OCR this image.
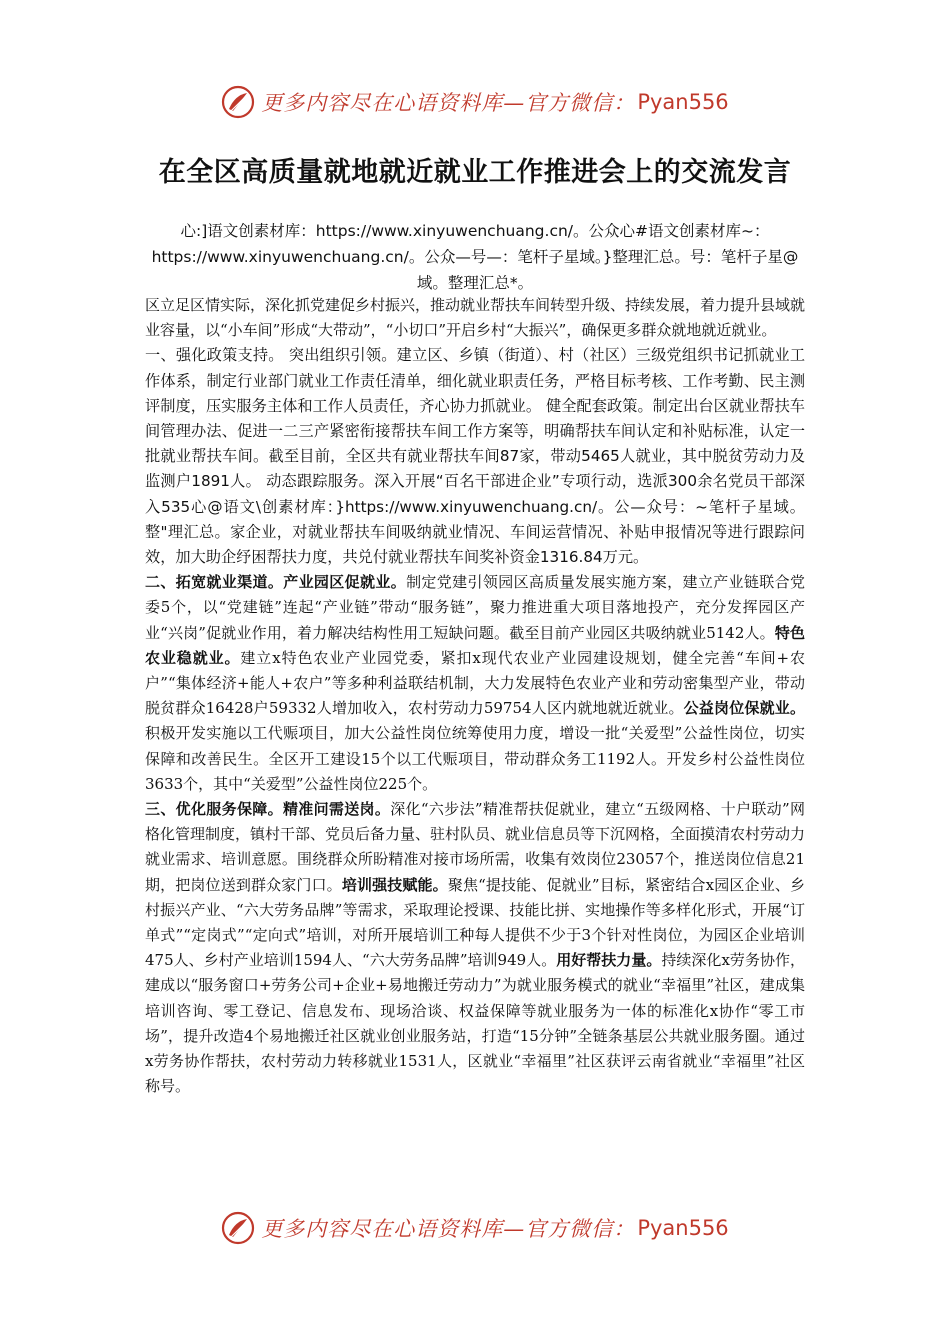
更多内容尽在心语资料库—官方微信： Pyan556
在全区高质量就地就近就业工作推进会上的交流发言
心:]语文创素材库：https://www.xinyuwenchuang.cn/。公众心#语文创素材库~：https://www.xinyuwenchuang.cn/。公众—号—：笔杆子星域。}整理汇总。号：笔杆子星@域。整理汇总*。

区立足区情实际，深化抓党建促乡村振兴，推动就业帮扶车间转型升级、持续发展，着力提升县域就业容量，以“小车间”形成“大带动”，“小切口”开启乡村“大振兴”，确保更多群众就地就近就业。

一、强化政策支持。 突出组织引领。建立区、乡镇（街道）、村（社区）三级党组织书记抓就业工作体系，制定行业部门就业工作责任清单，细化就业职责任务，严格目标考核、工作考勤、民主测评制度，压实服务主体和工作人员责任，齐心协力抓就业。 健全配套政策。制定出台区就业帮扶车间管理办法、促进一二三产紧密衔接帮扶车间工作方案等，明确帮扶车间认定和补贴标准，认定一批就业帮扶车间。截至目前，全区共有就业帮扶车间87家，带动5465人就业，其中脱贫劳动力及监测户1891人。 动态跟踪服务。深入开展“百名干部进企业”专项行动，选派300余名党员干部深入535心@语文\创素材库：}https://www.xinyuwenchuang.cn/。公—众号：~笔杆子星域。整"理汇总。家企业，对就业帮扶车间吸纳就业情况、车间运营情况、补贴申报情况等进行跟踪问效，加大助企纾困帮扶力度，共兑付就业帮扶车间奖补资金1316.84万元。

二、拓宽就业渠道。产业园区促就业。制定党建引领园区高质量发展实施方案，建立产业链联合党委5个，以“党建链”连起“产业链”带动“服务链”，聚力推进重大项目落地投产，充分发挥园区产业“兴岗”促就业作用，着力解决结构性用工短缺问题。截至目前产业园区共吸纳就业5142人。特色农业稳就业。建立x特色农业产业园党委，紧扣x现代农业产业园建设规划，健全完善“车间+农户”“集体经济+能人+农户”等多种利益联结机制，大力发展特色农业产业和劳动密集型产业，带动脱贫群众16428户59332人增加收入，农村劳动力59754人区内就地就近就业。公益岗位保就业。积极开发实施以工代赈项目，加大公益性岗位统筹使用力度，增设一批“关爱型”公益性岗位，切实保障和改善民生。全区开工建设15个以工代赈项目，带动群众务工1192人。开发乡村公益性岗位3633个，其中“关爱型”公益性岗位225个。

三、优化服务保障。精准问需送岗。深化“六步法”精准帮扶促就业，建立“五级网格、十户联动”网格化管理制度，镇村干部、党员后备力量、驻村队员、就业信息员等下沉网格，全面摸清农村劳动力就业需求、培训意愿。围绕群众所盼精准对接市场所需，收集有效岗位23057个，推送岗位信息21期，把岗位送到群众家门口。培训强技赋能。聚焦“提技能、促就业”目标，紧密结合x园区企业、乡村振兴产业、“六大劳务品牌”等需求，采取理论授课、技能比拼、实地操作等多样化形式，开展“订单式”“定岗式”“定向式”培训，对所开展培训工种每人提供不少于3个针对性岗位，为园区企业培训475人、乡村产业培训1594人、“六大劳务品牌”培训949人。用好帮扶力量。持续深化x劳务协作，建成以“服务窗口+劳务公司+企业+易地搬迁劳动力”为就业服务模式的就业“幸福里”社区，建成集培训咨询、零工登记、信息发布、现场洽谈、权益保障等就业服务为一体的标准化x协作“零工市场”，提升改造4个易地搬迁社区就业创业服务站，打造“15分钟”全链条基层公共就业服务圈。通过x劳务协作帮扶，农村劳动力转移就业1531人，区就业“幸福里”社区获评云南省就业“幸福里”社区称号。

更多内容尽在心语资料库—官方微信： Pyan556
